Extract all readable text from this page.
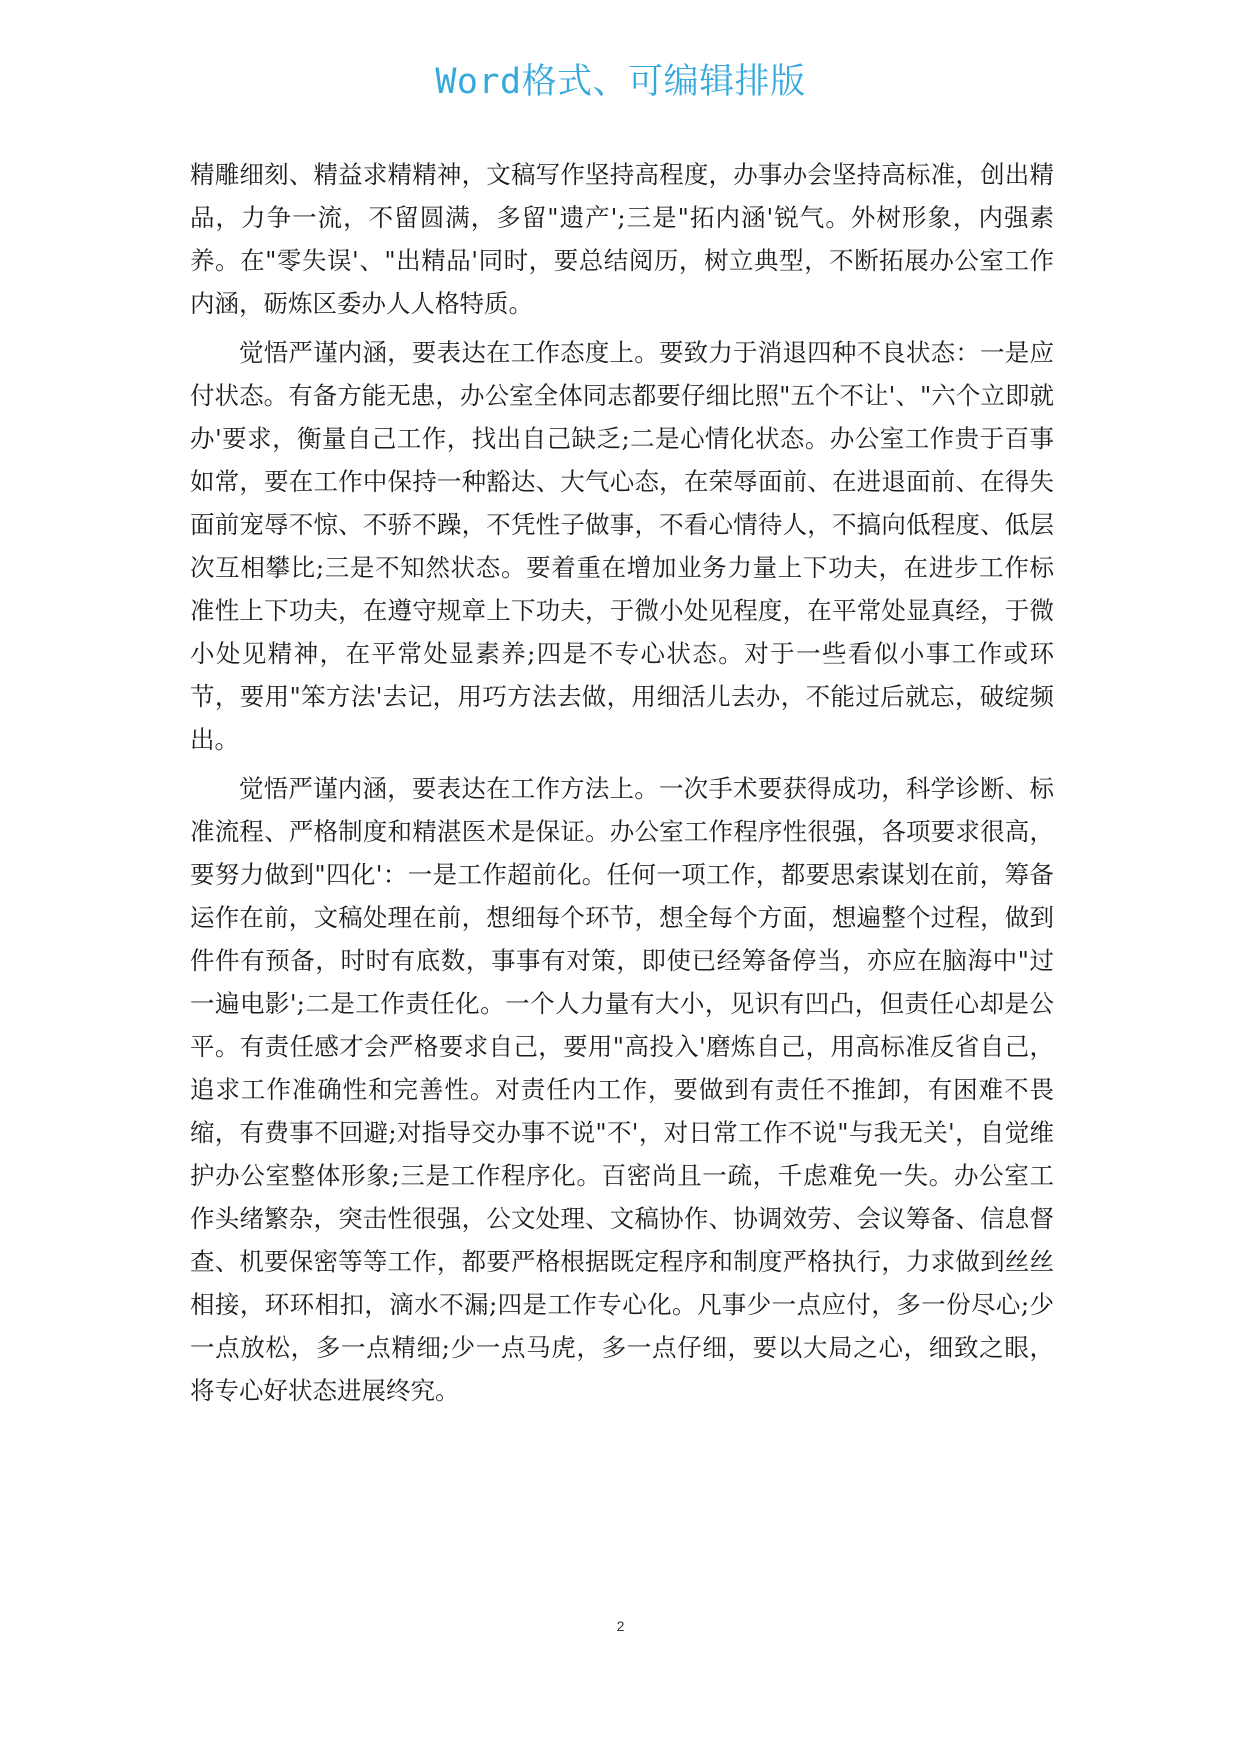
Word格式、可编辑排版

精雕细刻、精益求精精神，文稿写作坚持高程度，办事办会坚持高标准，创出精品，力争一流，不留圆满，多留"遗产';三是"拓内涵'锐气。外树形象，内强素养。在"零失误'、"出精品'同时，要总结阅历，树立典型，不断拓展办公室工作内涵，砺炼区委办人人格特质。

觉悟严谨内涵，要表达在工作态度上。要致力于消退四种不良状态：一是应付状态。有备方能无患，办公室全体同志都要仔细比照"五个不让'、"六个立即就办'要求，衡量自己工作，找出自己缺乏;二是心情化状态。办公室工作贵于百事如常，要在工作中保持一种豁达、大气心态，在荣辱面前、在进退面前、在得失面前宠辱不惊、不骄不躁，不凭性子做事，不看心情待人，不搞向低程度、低层次互相攀比;三是不知然状态。要着重在增加业务力量上下功夫，在进步工作标准性上下功夫，在遵守规章上下功夫，于微小处见程度，在平常处显真经，于微小处见精神，在平常处显素养;四是不专心状态。对于一些看似小事工作或环节，要用"笨方法'去记，用巧方法去做，用细活儿去办，不能过后就忘，破绽频出。

觉悟严谨内涵，要表达在工作方法上。一次手术要获得成功，科学诊断、标准流程、严格制度和精湛医术是保证。办公室工作程序性很强，各项要求很高，要努力做到"四化'：一是工作超前化。任何一项工作，都要思索谋划在前，筹备运作在前，文稿处理在前，想细每个环节，想全每个方面，想遍整个过程，做到件件有预备，时时有底数，事事有对策，即使已经筹备停当，亦应在脑海中"过一遍电影';二是工作责任化。一个人力量有大小，见识有凹凸，但责任心却是公平。有责任感才会严格要求自己，要用"高投入'磨炼自己，用高标准反省自己，追求工作准确性和完善性。对责任内工作，要做到有责任不推卸，有困难不畏缩，有费事不回避;对指导交办事不说"不'，对日常工作不说"与我无关'，自觉维护办公室整体形象;三是工作程序化。百密尚且一疏，千虑难免一失。办公室工作头绪繁杂，突击性很强，公文处理、文稿协作、协调效劳、会议筹备、信息督查、机要保密等等工作，都要严格根据既定程序和制度严格执行，力求做到丝丝相接，环环相扣，滴水不漏;四是工作专心化。凡事少一点应付，多一份尽心;少一点放松，多一点精细;少一点马虎，多一点仔细，要以大局之心，细致之眼，将专心好状态进展终究。

2
